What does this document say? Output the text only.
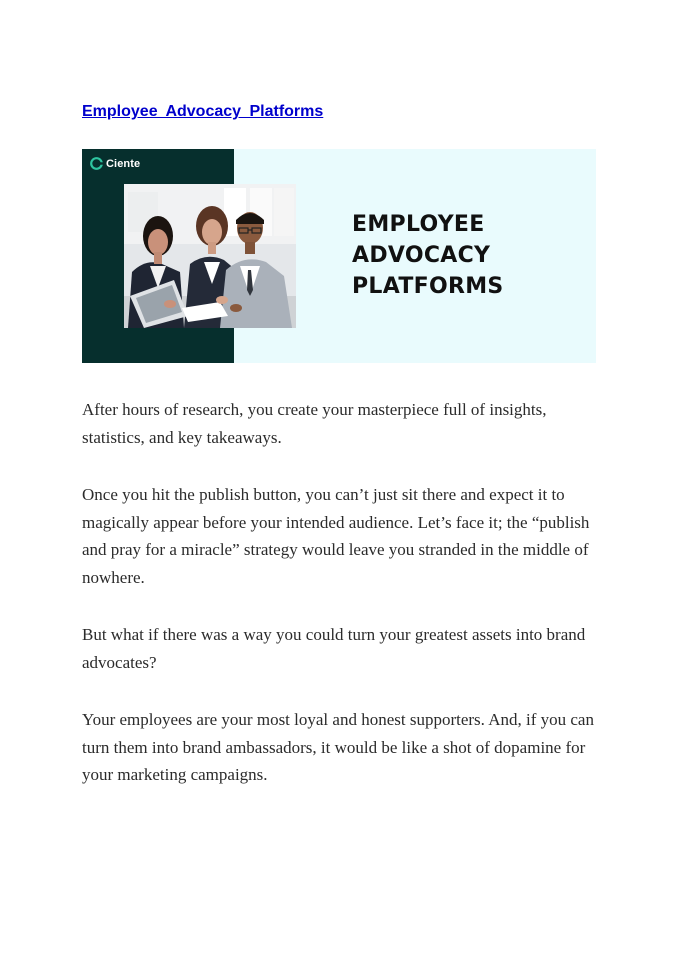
Employee Advocacy Platforms
Ciente
EMPLOYEE
ADVOCACY
PLATFORMS

After hours of research, you create your masterpiece full of insights, statistics, and key takeaways.

Once you hit the publish button, you can’t just sit there and expect it to magically appear before your intended audience. Let’s face it; the “publish and pray for a miracle” strategy would leave you stranded in the middle of nowhere.

But what if there was a way you could turn your greatest assets into brand advocates?

Your employees are your most loyal and honest supporters. And, if you can turn them into brand ambassadors, it would be like a shot of dopamine for your marketing campaigns.
